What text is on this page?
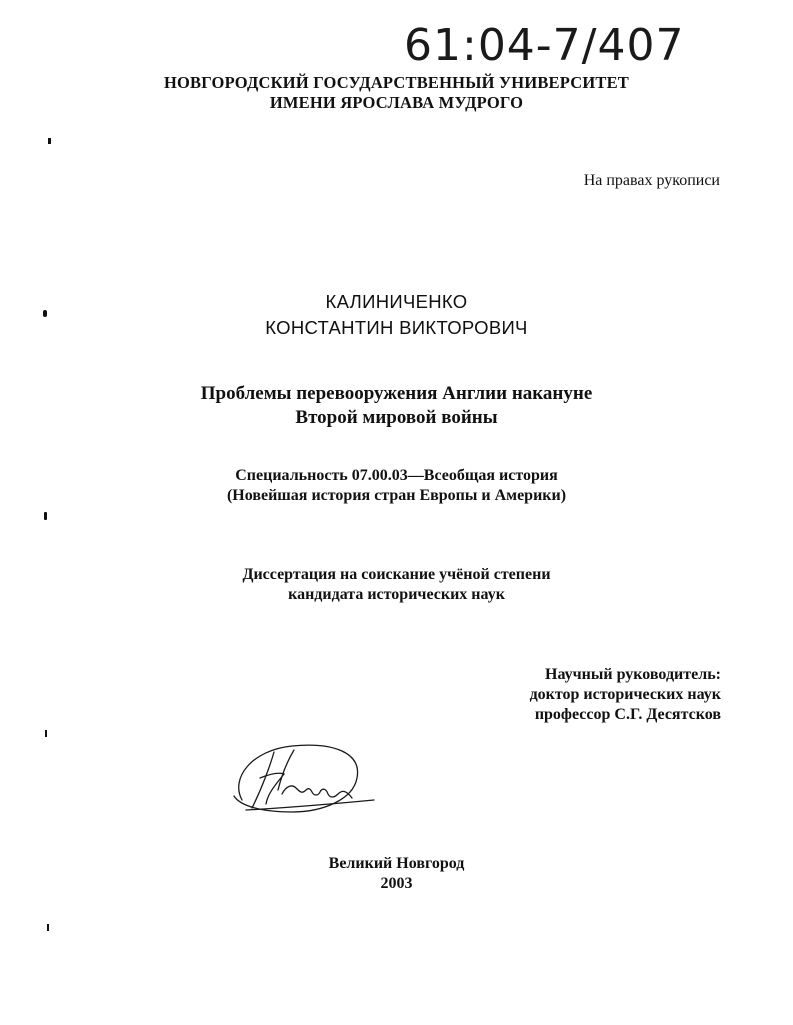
61:04-7/407
НОВГОРОДСКИЙ ГОСУДАРСТВЕННЫЙ УНИВЕРСИТЕТ
ИМЕНИ ЯРОСЛАВА МУДРОГО
На правах рукописи
КАЛИНИЧЕНКО
КОНСТАНТИН ВИКТОРОВИЧ
Проблемы перевооружения Англии накануне
Второй мировой войны
Специальность 07.00.03—Всеобщая история
(Новейшая история стран Европы и Америки)
Диссертация на соискание учёной степени
кандидата исторических наук
Научный руководитель:
доктор исторических наук
профессор С.Г. Десятсков
Великий Новгород
2003
